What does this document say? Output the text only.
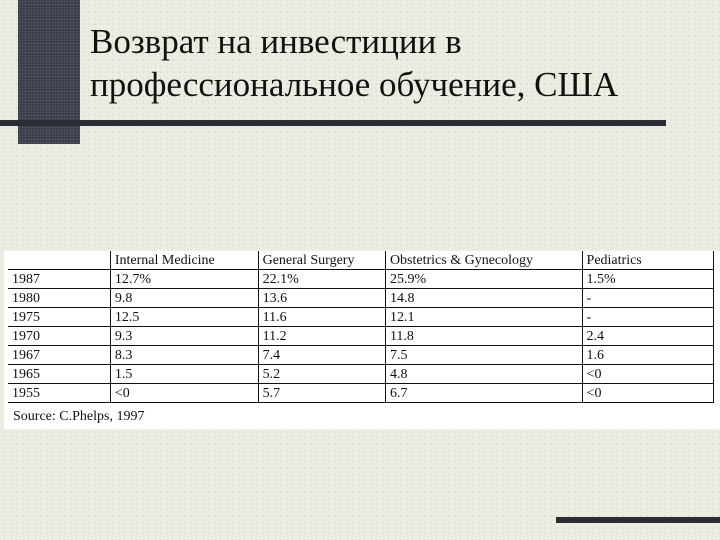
Возврат на инвестиции в
профессиональное обучение, США
	Internal Medicine	General Surgery	Obstetrics & Gynecology	Pediatrics
1987	12.7%	22.1%	25.9%	1.5%
1980	9.8	13.6	14.8	-
1975	12.5	11.6	12.1	-
1970	9.3	11.2	11.8	2.4
1967	8.3	7.4	7.5	1.6
1965	1.5	5.2	4.8	<0
1955	<0	5.7	6.7	<0
Source: C.Phelps, 1997
